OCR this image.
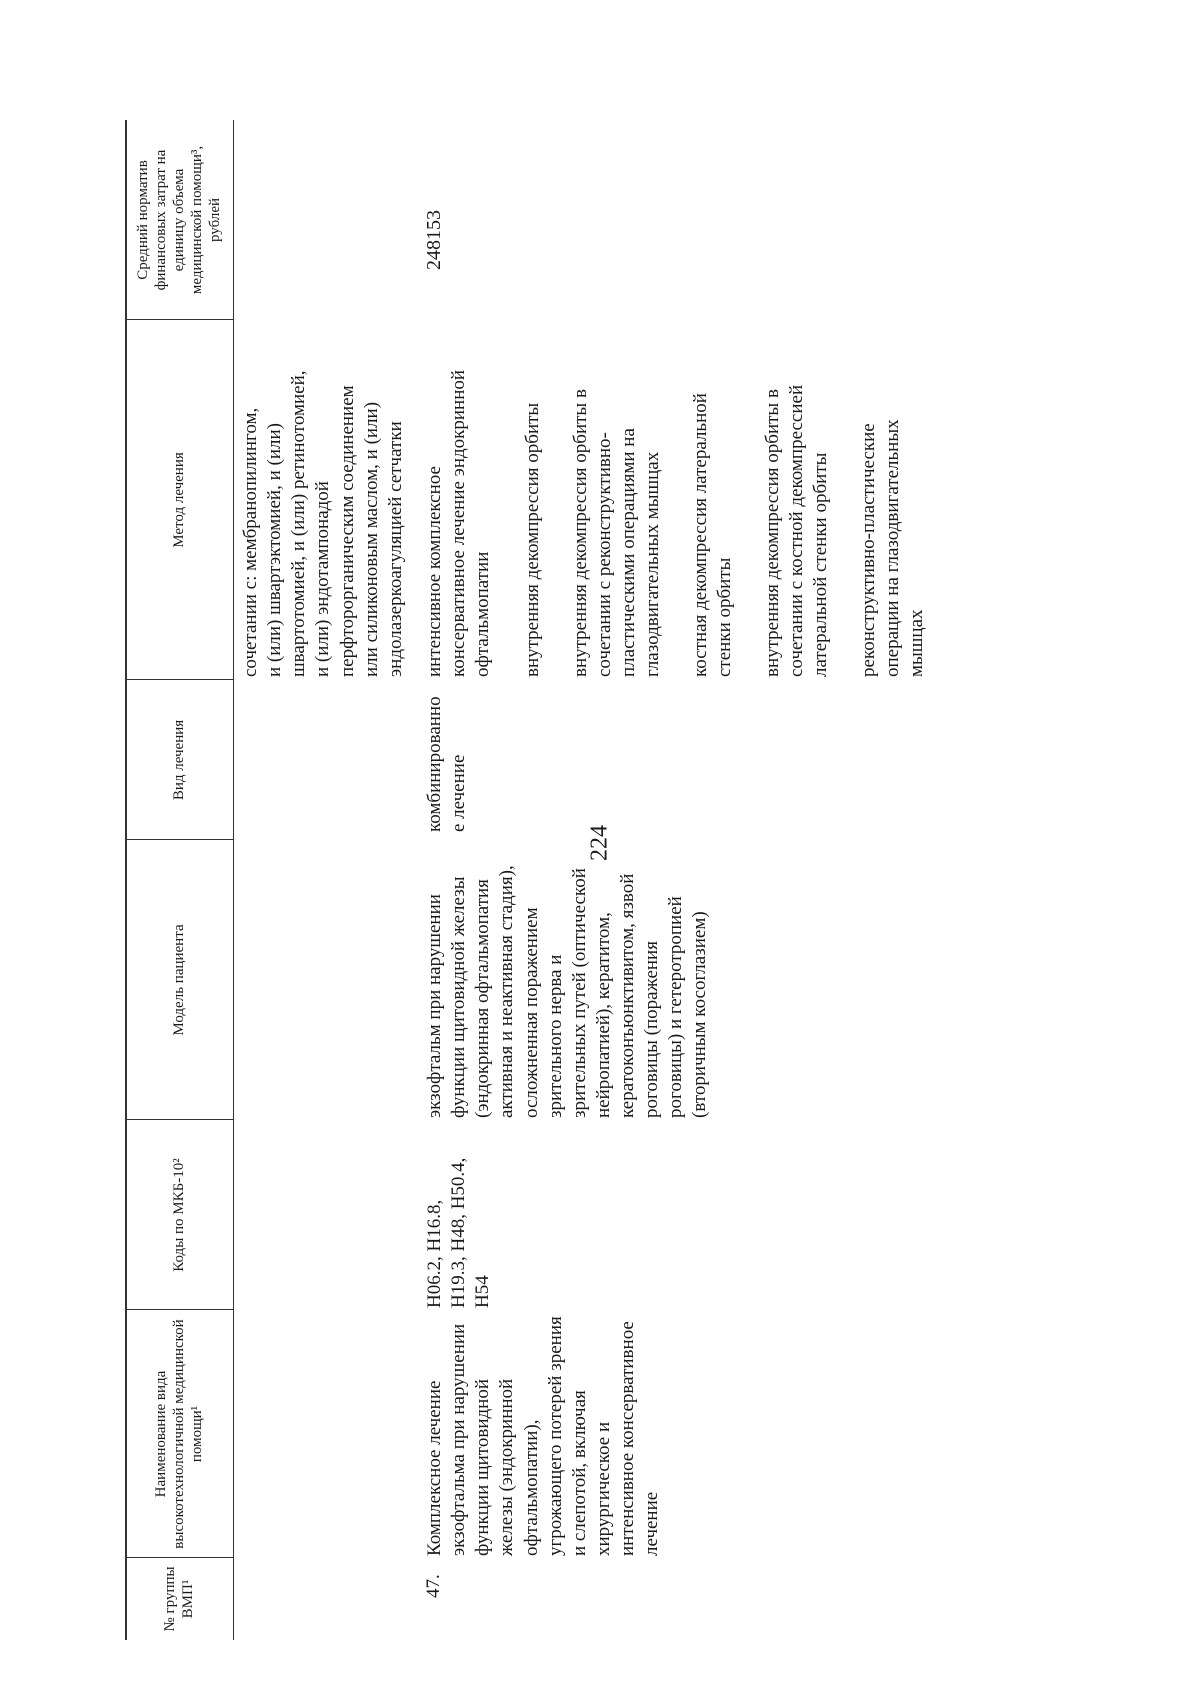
224
№ группы ВМП¹
Наименование вида высокотехнологичной медицинской помощи¹
Коды по МКБ-10²
Модель пациента
Вид лечения
Метод лечения
Средний норматив финансовых затрат на единицу объема медицинской помощи³, рублей
сочетании с: мембранопилингом,
и (или) швартэктомией, и (или)
швартотомией, и (или) ретинотомией,
и (или) эндотампонадой
перфторорганическим соединением
или силиконовым маслом, и (или)
эндолазеркоагуляцией сетчатки
47.
Комплексное лечение
экзофтальма при нарушении
функции щитовидной
железы (эндокринной
офтальмопатии),
угрожающего потерей зрения
и слепотой, включая
хирургическое и
интенсивное консервативное
лечение
H06.2, H16.8,
H19.3, H48, H50.4,
H54
экзофтальм при нарушении
функции щитовидной железы
(эндокринная офтальмопатия
активная и неактивная стадия),
осложненная поражением
зрительного нерва и
зрительных путей (оптической
нейропатией), кератитом,
кератоконъюнктивитом, язвой
роговицы (поражения
роговицы) и гетеротропией
(вторичным косоглазием)
комбинированно
е лечение
интенсивное комплексное
консервативное лечение эндокринной
офтальмопатии внутренняя декомпрессия орбиты внутренняя декомпрессия орбиты в
сочетании с реконструктивно-
пластическими операциями на
глазодвигательных мышцах
костная декомпрессия латеральной
стенки орбиты внутренняя декомпрессия орбиты в
сочетании с костной декомпрессией
латеральной стенки орбиты реконструктивно-пластические
операции на глазодвигательных
мышцах
248153
